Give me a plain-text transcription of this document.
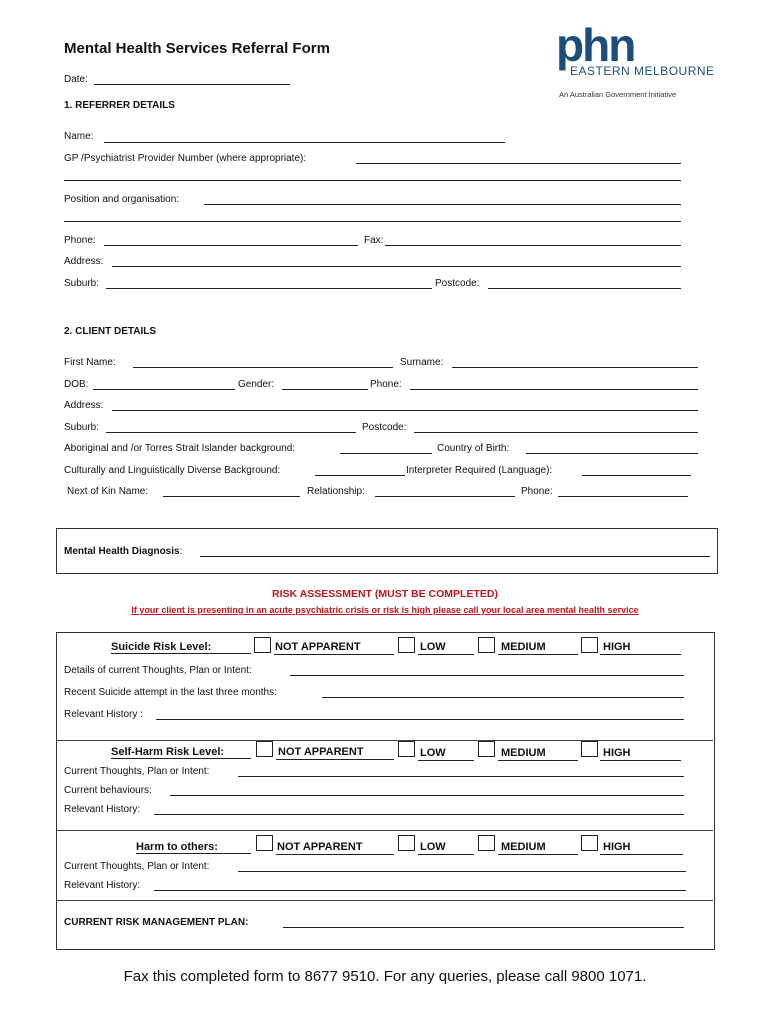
Mental Health Services Referral Form	phn
EASTERN MELBOURNE
An Australian Government Initiative
Date:
1. REFERRER DETAILS
Name:
GP /Psychiatrist Provider Number (where appropriate):
Position and organisation:
Phone:	Fax:
Address:
Suburb:	Postcode:
2. CLIENT DETAILS
First Name:	Surname:
DOB:	Gender:	Phone:
Address:
Suburb:	Postcode:
Aboriginal and /or Torres Strait Islander background:	Country of Birth:
Culturally and Linguistically Diverse Background:	Interpreter Required (Language):
Next of Kin Name:	Relationship:	Phone:
Mental Health Diagnosis:
RISK ASSESSMENT (MUST BE COMPLETED)
If your client is presenting in an acute psychiatric crisis or risk is high please call your local area mental health service
Suicide Risk Level:	NOT APPARENT	LOW	MEDIUM	HIGH
Details of current Thoughts, Plan or Intent:
Recent Suicide attempt in the last three months:
Relevant History :
Self-Harm Risk Level:	NOT APPARENT	LOW	MEDIUM	HIGH
Current Thoughts, Plan or Intent:
Current behaviours:
Relevant History:
Harm to others:	NOT APPARENT	LOW	MEDIUM	HIGH
Current Thoughts, Plan or Intent:
Relevant History:
CURRENT RISK MANAGEMENT PLAN:
Fax this completed form to 8677 9510. For any queries, please call 9800 1071.
